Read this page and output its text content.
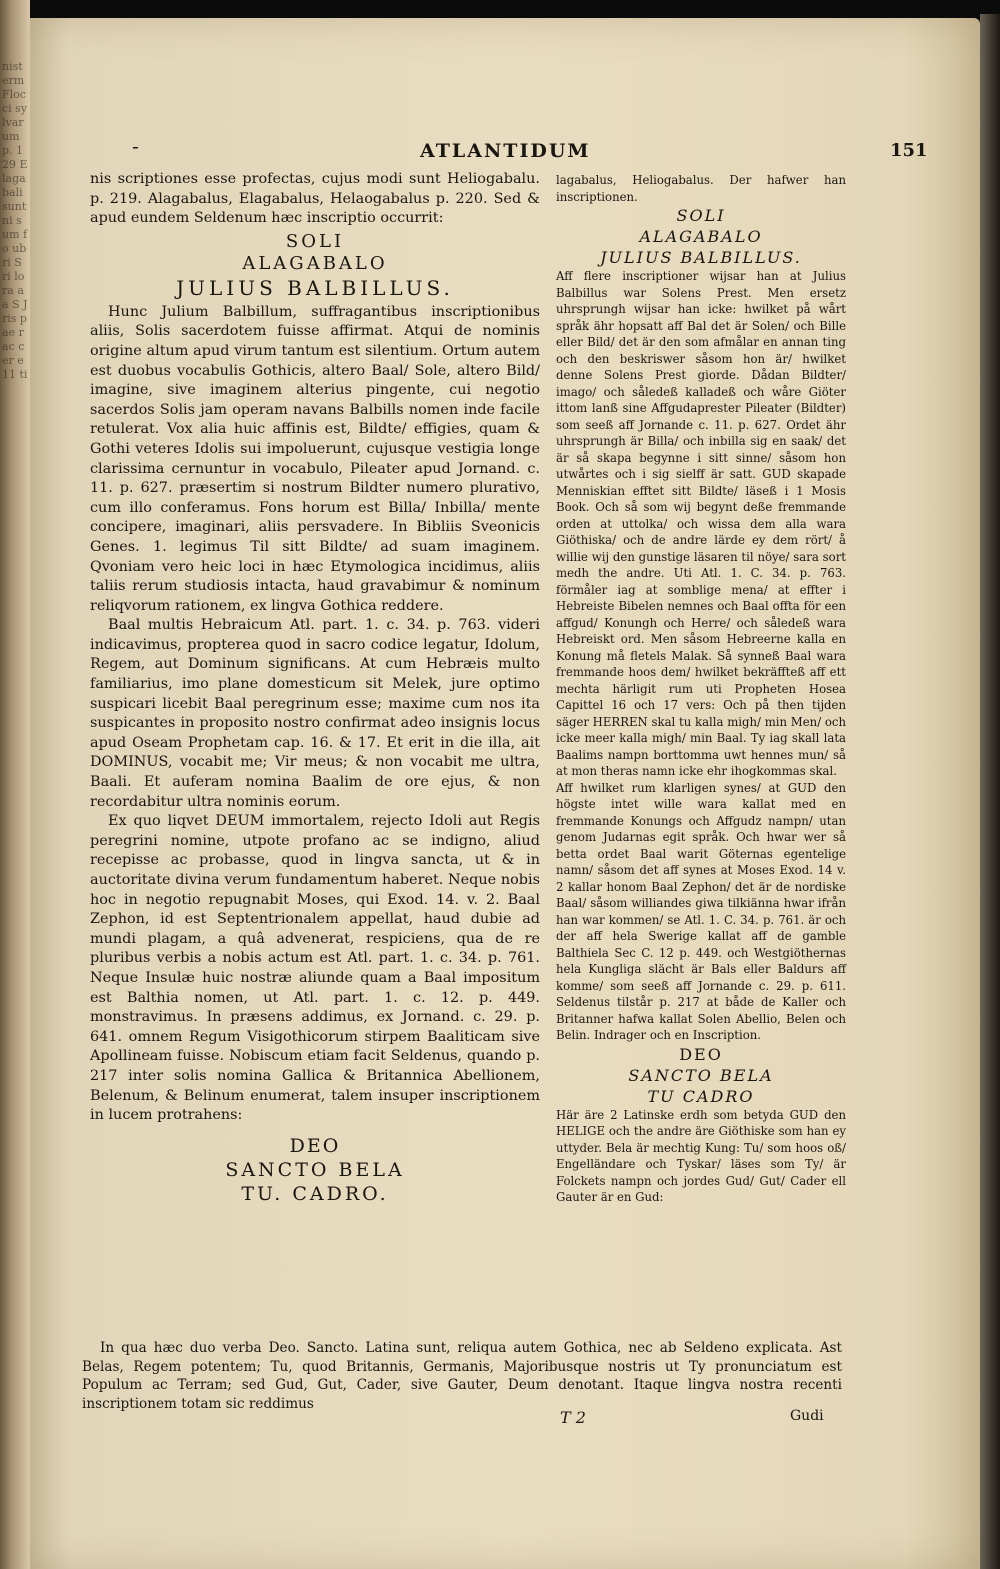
nisterm Flocci sylvarum p. 129 Elagabali sunt ni sum fo ubri S ri lo ra aa S J ris pae rac cer e 11 ti
-	ATLANTIDUM	151

nis scriptiones esse profectas, cujus modi sunt Heliogabalu. p. 219. Alagabalus, Elagabalus, Helaogabalus p. 220. Sed & apud eundem Seldenum hæc inscriptio occurrit:

SOLI
ALAGABALO
JULIUS BALBILLUS.

Hunc Julium Balbillum, suffragantibus inscriptionibus aliis, Solis sacerdotem fuisse affirmat. Atqui de nominis origine altum apud virum tantum est silentium. Ortum autem est duobus vocabulis Gothicis, altero Baal/ Sole, altero Bild/ imagine, sive imaginem alterius pingente, cui negotio sacerdos Solis jam operam navans Balbills nomen inde facile retulerat. Vox alia huic affinis est, Bildte/ effigies, quam & Gothi veteres Idolis sui impoluerunt, cujusque vestigia longe clarissima cernuntur in vocabulo, Pileater apud Jornand. c. 11. p. 627. præsertim si nostrum Bildter numero plurativo, cum illo conferamus. Fons horum est Billa/ Inbilla/ mente concipere, imaginari, aliis persvadere. In Bibliis Sveonicis Genes. 1. legimus Til sitt Bildte/ ad suam imaginem. Qvoniam vero heic loci in hæc Etymologica incidimus, aliis taliis rerum studiosis intacta, haud gravabimur & nominum reliqvorum rationem, ex lingva Gothica reddere.

Baal multis Hebraicum Atl. part. 1. c. 34. p. 763. videri indicavimus, propterea quod in sacro codice legatur, Idolum, Regem, aut Dominum significans. At cum Hebræis multo familiarius, imo plane domesticum sit Melek, jure optimo suspicari licebit Baal peregrinum esse; maxime cum nos ita suspicantes in proposito nostro confirmat adeo insignis locus apud Oseam Prophetam cap. 16. & 17. Et erit in die illa, ait DOMINUS, vocabit me; Vir meus; & non vocabit me ultra, Baali. Et auferam nomina Baalim de ore ejus, & non recordabitur ultra nominis eorum.

Ex quo liqvet DEUM immortalem, rejecto Idoli aut Regis peregrini nomine, utpote profano ac se indigno, aliud recepisse ac probasse, quod in lingva sancta, ut & in auctoritate divina verum fundamentum haberet. Neque nobis hoc in negotio repugnabit Moses, qui Exod. 14. v. 2. Baal Zephon, id est Septentrionalem appellat, haud dubie ad mundi plagam, a quâ advenerat, respiciens, qua de re pluribus verbis a nobis actum est Atl. part. 1. c. 34. p. 761. Neque Insulæ huic nostræ aliunde quam a Baal impositum est Balthia nomen, ut Atl. part. 1. c. 12. p. 449. monstravimus. In præsens addimus, ex Jornand. c. 29. p. 641. omnem Regum Visigothicorum stirpem Baaliticam sive Apollineam fuisse. Nobiscum etiam facit Seldenus, quando p. 217 inter solis nomina Gallica & Britannica Abellionem, Belenum, & Belinum enumerat, talem insuper inscriptionem in lucem protrahens:

DEO
SANCTO BELA
TU. CADRO.

lagabalus, Heliogabalus. Der hafwer han inscriptionen.

SOLI
ALAGABALO
JULIUS BALBILLUS.

Aff flere inscriptioner wijsar han at Julius Balbillus war Solens Prest. Men ersetz uhrsprungh wijsar han icke: hwilket på wårt språk ähr hopsatt aff Bal det är Solen/ och Bille eller Bild/ det är den som afmålar en annan ting och den beskriswer såsom hon är/ hwilket denne Solens Prest giorde. Dådan Bildter/ imago/ och såledeß kalladeß och wåre Giöter ittom lanß sine Affgudaprester Pileater (Bildter) som seeß aff Jornande c. 11. p. 627. Ordet ähr uhrsprungh är Billa/ och inbilla sig en saak/ det är så skapa begynne i sitt sinne/ såsom hon utwårtes och i sig sielff är satt. GUD skapade Menniskian efftet sitt Bildte/ läseß i 1 Mosis Book. Och så som wij begynt deße fremmande orden at uttolka/ och wissa dem alla wara Giöthiska/ och de andre lärde ey dem rört/ å willie wij den gunstige läsaren til nöye/ sara sort medh the andre. Uti Atl. 1. C. 34. p. 763. förmåler iag at somblige mena/ at effter i Hebreiste Bibelen nemnes och Baal offta för een affgud/ Konungh och Herre/ och såledeß wara Hebreiskt ord. Men såsom Hebreerne kalla en Konung må fletels Malak. Så synneß Baal wara fremmande hoos dem/ hwilket bekräffteß aff ett mechta härligit rum uti Propheten Hosea Capittel 16 och 17 vers: Och på then tijden säger HERREN skal tu kalla migh/ min Men/ och icke meer kalla migh/ min Baal. Ty iag skall lata Baalims nampn borttomma uwt hennes mun/ så at mon theras namn icke ehr ihogkommas skal.

Aff hwilket rum klarligen synes/ at GUD den högste intet wille wara kallat med en fremmande Konungs och Affgudz nampn/ utan genom Judarnas egit språk. Och hwar wer så betta ordet Baal warit Göternas egentelige namn/ såsom det aff synes at Moses Exod. 14 v. 2 kallar honom Baal Zephon/ det är de nordiske Baal/ såsom williandes giwa tilkiänna hwar ifrån han war kommen/ se Atl. 1. C. 34. p. 761. är och der aff hela Swerige kallat aff de gamble Balthiela Sec C. 12 p. 449. och Westgiöthernas hela Kungliga slächt är Bals eller Baldurs aff komme/ som seeß aff Jornande c. 29. p. 611. Seldenus tilstår p. 217 at både de Kaller och Britanner hafwa kallat Solen Abellio, Belen och Belin. Indrager och en Inscription.

DEO
SANCTO BELA
TU CADRO

Här äre 2 Latinske erdh som betyda GUD den HELIGE och the andre äre Giöthiske som han ey uttyder. Bela är mechtig Kung: Tu/ som hoos oß/ Engelländare och Tyskar/ läses som Ty/ är Folckets nampn och jordes Gud/ Gut/ Cader ell Gauter är en Gud:

In qua hæc duo verba Deo. Sancto. Latina sunt, reliqua autem Gothica, nec ab Seldeno explicata. Ast Belas, Regem potentem; Tu, quod Britannis, Germanis, Majoribusque nostris ut Ty pronunciatum est Populum ac Terram; sed Gud, Gut, Cader, sive Gauter, Deum denotant. Itaque lingva nostra recenti inscriptionem totam sic reddimus

T 2	Gudi
